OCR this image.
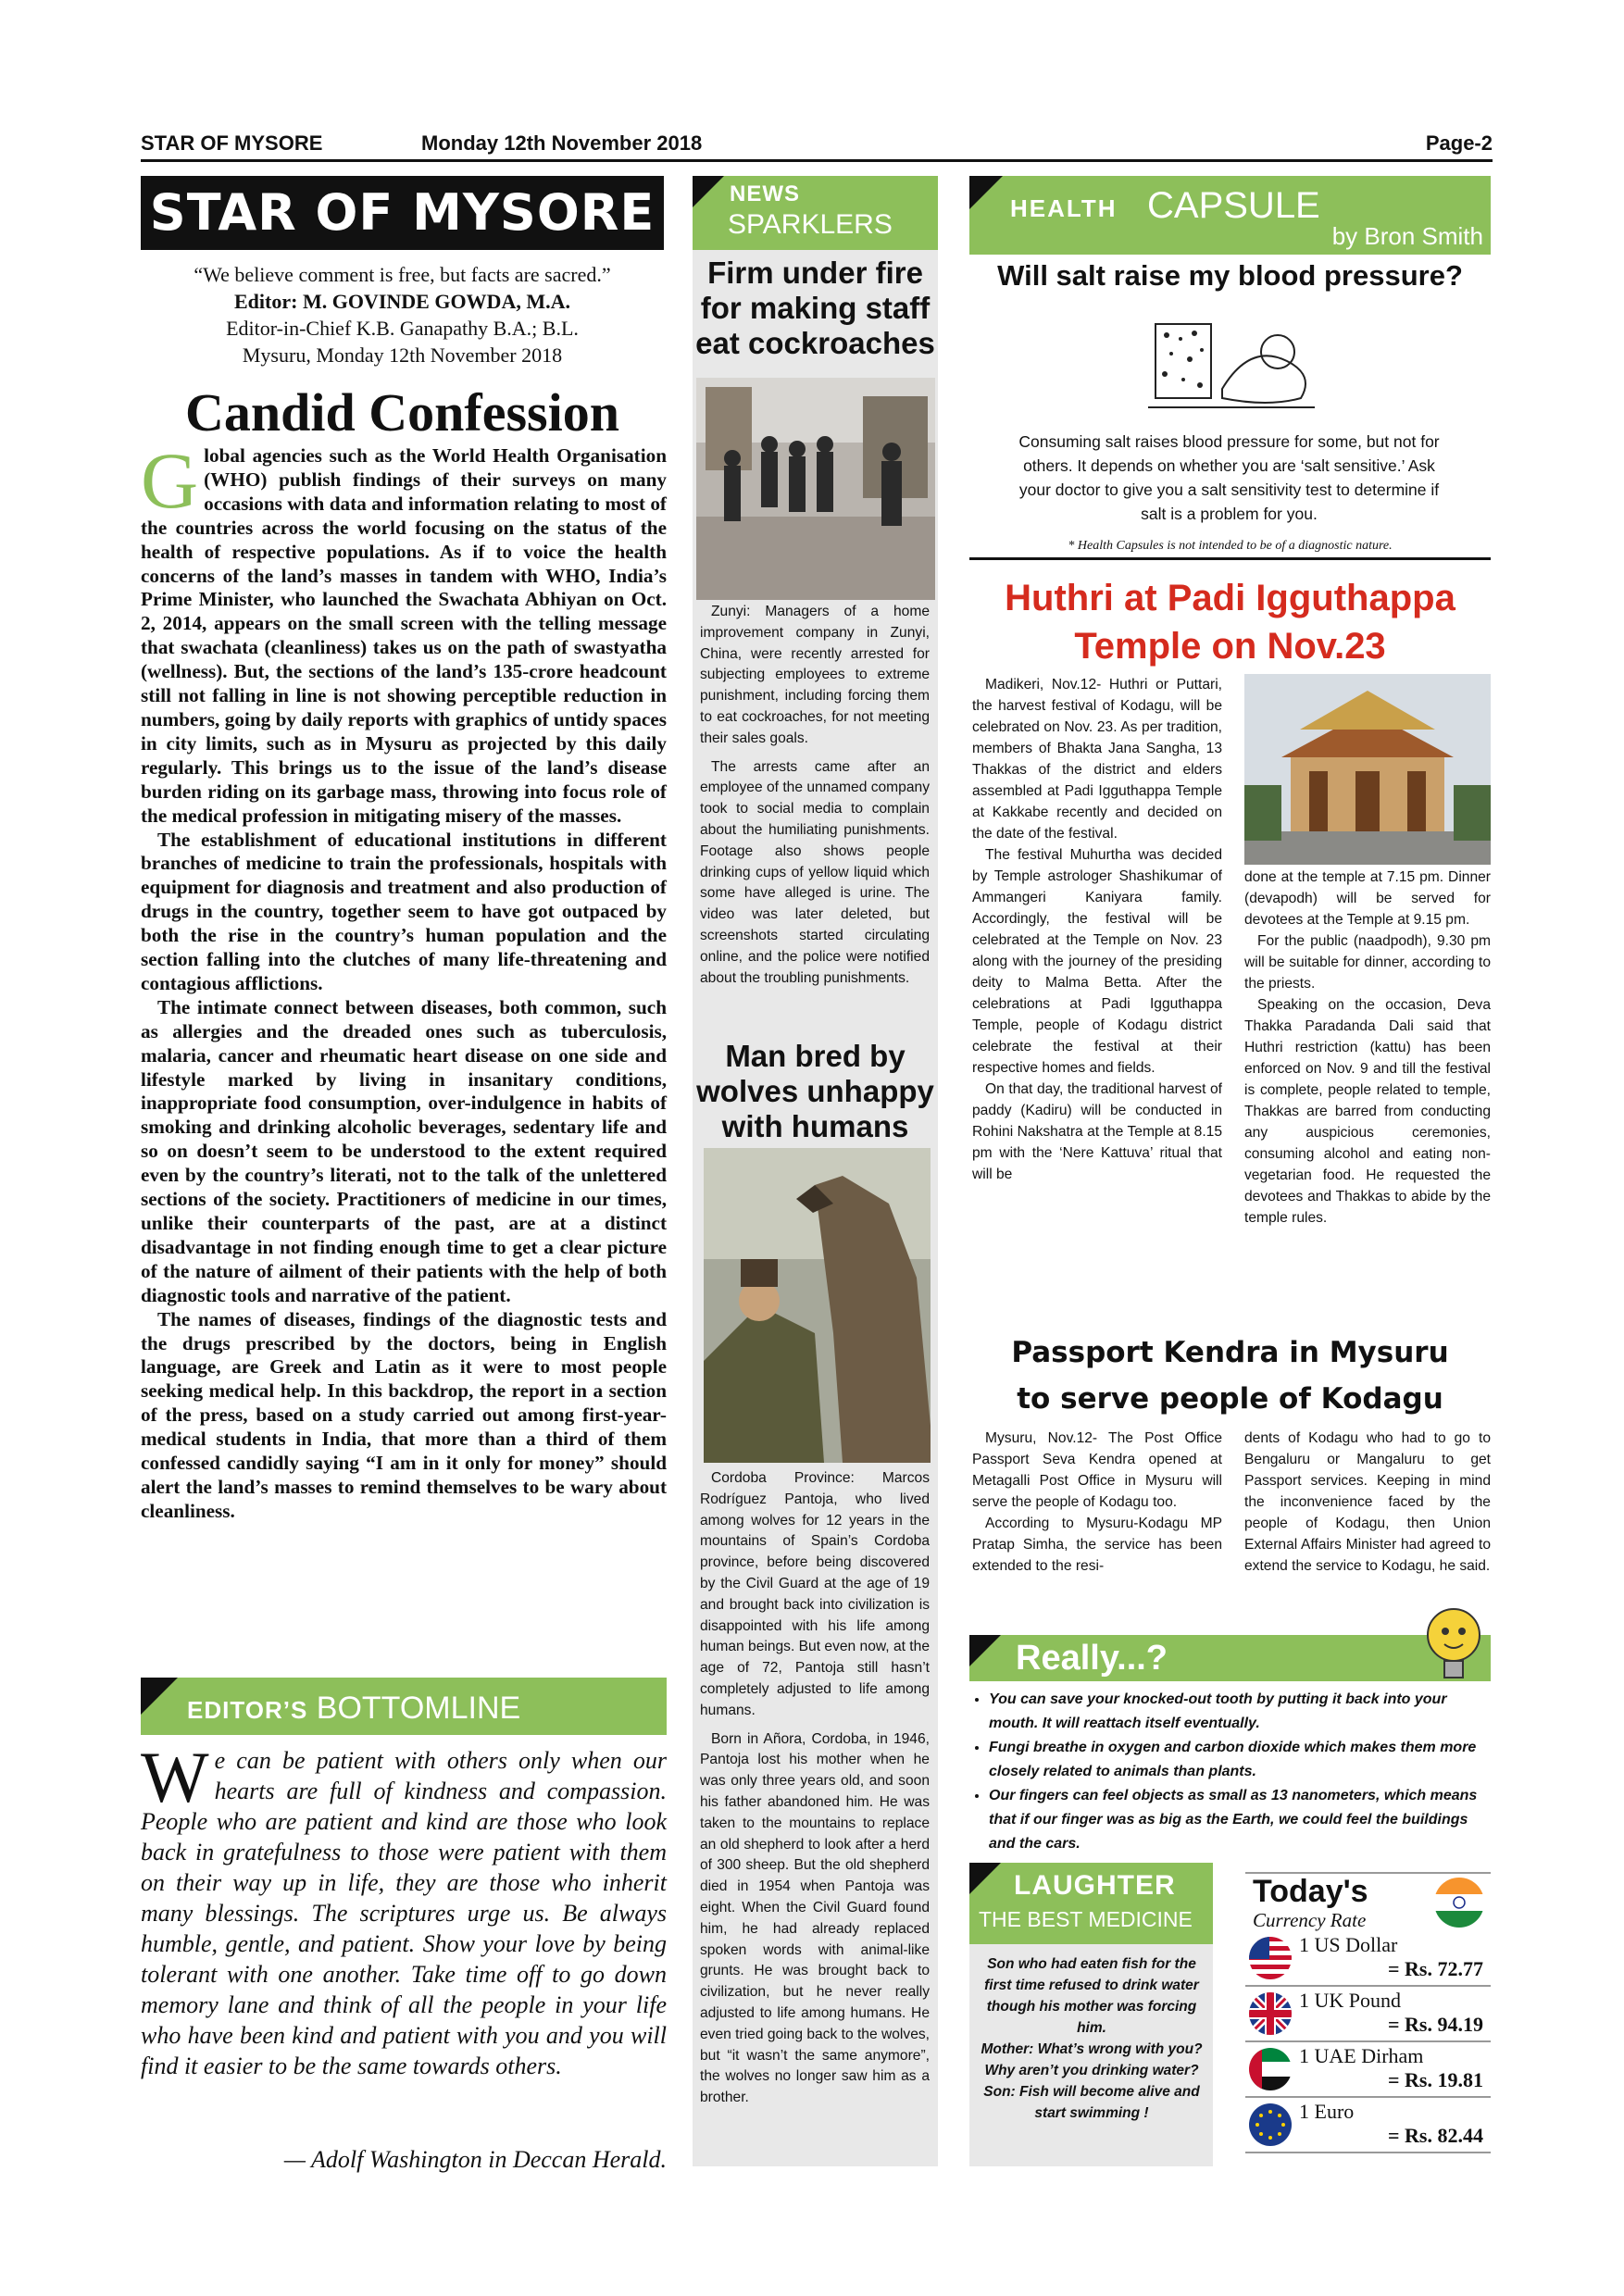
STAR OF MYSORE	Monday 12th November 2018	Page-2
STAR OF MYSORE
“We believe comment is free, but facts are sacred.”
Editor: M. GOVINDE GOWDA, M.A.
Editor-in-Chief K.B. Ganapathy B.A.; B.L.
Mysuru, Monday 12th November 2018
Candid Confession

Global agencies such as the World Health Organisation (WHO) publish findings of their surveys on many occasions with data and information relating to most of the countries across the world focusing on the status of the health of respective populations. As if to voice the health concerns of the land’s masses in tandem with WHO, India’s Prime Minister, who launched the Swachata Abhiyan on Oct. 2, 2014, appears on the small screen with the telling message that swachata (cleanliness) takes us on the path of swastyatha (wellness). But, the sections of the land’s 135-crore headcount still not falling in line is not showing perceptible reduction in numbers, going by daily reports with graphics of untidy spaces in city limits, such as in Mysuru as projected by this daily regularly. This brings us to the issue of the land’s disease burden riding on its garbage mass, throwing into focus role of the medical profession in mitigating misery of the masses.

The establishment of educational institutions in different branches of medicine to train the professionals, hospitals with equipment for diagnosis and treatment and also production of drugs in the country, together seem to have got outpaced by both the rise in the country’s human population and the section falling into the clutches of many life-threatening and contagious afflictions.

The intimate connect between diseases, both common, such as allergies and the dreaded ones such as tuberculosis, malaria, cancer and rheumatic heart disease on one side and lifestyle marked by living in insanitary conditions, inappropriate food consumption, over-indulgence in habits of smoking and drinking alcoholic beverages, sedentary life and so on doesn’t seem to be understood to the extent required even by the country’s literati, not to the talk of the unlettered sections of the society. Practitioners of medicine in our times, unlike their counterparts of the past, are at a distinct disadvantage in not finding enough time to get a clear picture of the nature of ailment of their patients with the help of both diagnostic tools and narrative of the patient.

The names of diseases, findings of the diagnostic tests and the drugs prescribed by the doctors, being in English language, are Greek and Latin as it were to most people seeking medical help. In this backdrop, the report in a section of the press, based on a study carried out among first-year-medical students in India, that more than a third of them confessed candidly saying “I am in it only for money” should alert the land’s masses to remind themselves to be wary about cleanliness.

EDITOR’S BOTTOMLINE
We can be patient with others only when our hearts are full of kindness and compassion. People who are patient and kind are those who look back in gratefulness to those were patient with them on their way up in life, they are those who inherit many blessings. The scriptures urge us. Be always humble, gentle, and patient. Show your love by being tolerant with one another. Take time off to go down memory lane and think of all the people in your life who have been kind and patient with you and you will find it easier to be the same towards others.
— Adolf Washington in Deccan Herald.
NEWS
SPARKLERS
Firm under fire for making staff eat cockroaches

Zunyi: Managers of a home improvement company in Zunyi, China, were recently arrested for subjecting employees to extreme punishment, including forcing them to eat cockroaches, for not meeting their sales goals.

The arrests came after an employee of the unnamed company took to social media to complain about the humiliating punishments. Footage also shows people drinking cups of yellow liquid which some have alleged is urine. The video was later deleted, but screenshots started circulating online, and the police were notified about the troubling punishments.

Man bred by wolves unhappy with humans

Cordoba Province: Marcos Rodríguez Pantoja, who lived among wolves for 12 years in the mountains of Spain’s Cordoba province, before being discovered by the Civil Guard at the age of 19 and brought back into civilization is disappointed with his life among human beings. But even now, at the age of 72, Pantoja still hasn’t completely adjusted to life among humans.

Born in Añora, Cordoba, in 1946, Pantoja lost his mother when he was only three years old, and soon his father abandoned him. He was taken to the mountains to replace an old shepherd to look after a herd of 300 sheep. But the old shepherd died in 1954 when Pantoja was eight. When the Civil Guard found him, he had already replaced spoken words with animal-like grunts. He was brought back to civilization, but he never really adjusted to life among humans. He even tried going back to the wolves, but “it wasn’t the same anymore”, the wolves no longer saw him as a brother.

HEALTH CAPSULE
by Bron Smith
Will salt raise my blood pressure?
Consuming salt raises blood pressure for some, but not for others. It depends on whether you are ‘salt sensitive.’ Ask your doctor to give you a salt sensitivity test to determine if salt is a problem for you.
* Health Capsules is not intended to be of a diagnostic nature.
Huthri at Padi Igguthappa
Temple on Nov.23

Madikeri, Nov.12- Huthri or Puttari, the harvest festival of Kodagu, will be celebrated on Nov. 23. As per tradition, members of Bhakta Jana Sangha, 13 Thakkas of the district and elders assembled at Padi Igguthappa Temple at Kakkabe recently and decided on the date of the festival.

The festival Muhurtha was decided by Temple astrologer Shashikumar of Ammangeri Kaniyara family. Accordingly, the festival will be celebrated at the Temple on Nov. 23 along with the journey of the presiding deity to Malma Betta. After the celebrations at Padi Igguthappa Temple, people of Kodagu district celebrate the festival at their respective homes and fields.

On that day, the traditional harvest of paddy (Kadiru) will be conducted in Rohini Nakshatra at the Temple at 8.15 pm with the ‘Nere Kattuva’ ritual that will be

done at the temple at 7.15 pm. Dinner (devapodh) will be served for devotees at the Temple at 9.15 pm.

For the public (naadpodh), 9.30 pm will be suitable for dinner, according to the priests.

Speaking on the occasion, Deva Thakka Paradanda Dali said that Huthri restriction (kattu) has been enforced on Nov. 9 and till the festival is complete, people related to temple, Thakkas are barred from conducting any auspicious ceremonies, consuming alcohol and eating non-vegetarian food. He requested the devotees and Thakkas to abide by the temple rules.

Passport Kendra in Mysuru
to serve people of Kodagu

Mysuru, Nov.12- The Post Office Passport Seva Kendra opened at Metagalli Post Office in Mysuru will serve the people of Kodagu too.

According to Mysuru-Kodagu MP Pratap Simha, the service has been extended to the resi-

dents of Kodagu who had to go to Bengaluru or Mangaluru to get Passport services. Keeping in mind the inconvenience faced by the people of Kodagu, then Union External Affairs Minister had agreed to extend the service to Kodagu, he said.

Really...?
• You can save your knocked-out tooth by putting it back into your mouth. It will reattach itself eventually.
• Fungi breathe in oxygen and carbon dioxide which makes them more closely related to animals than plants.
• Our fingers can feel objects as small as 13 nanometers, which means that if our finger was as big as the Earth, we could feel the buildings and the cars.
LAUGHTER
THE BEST MEDICINE
Son who had eaten fish for the first time refused to drink water though his mother was forcing him.
Mother: What’s wrong with you? Why aren’t you drinking water?
Son: Fish will become alive and start swimming !
Today's
Currency Rate
1 US Dollar
= Rs. 72.77
1 UK Pound
= Rs. 94.19
1 UAE Dirham
= Rs. 19.81
1 Euro
= Rs. 82.44
